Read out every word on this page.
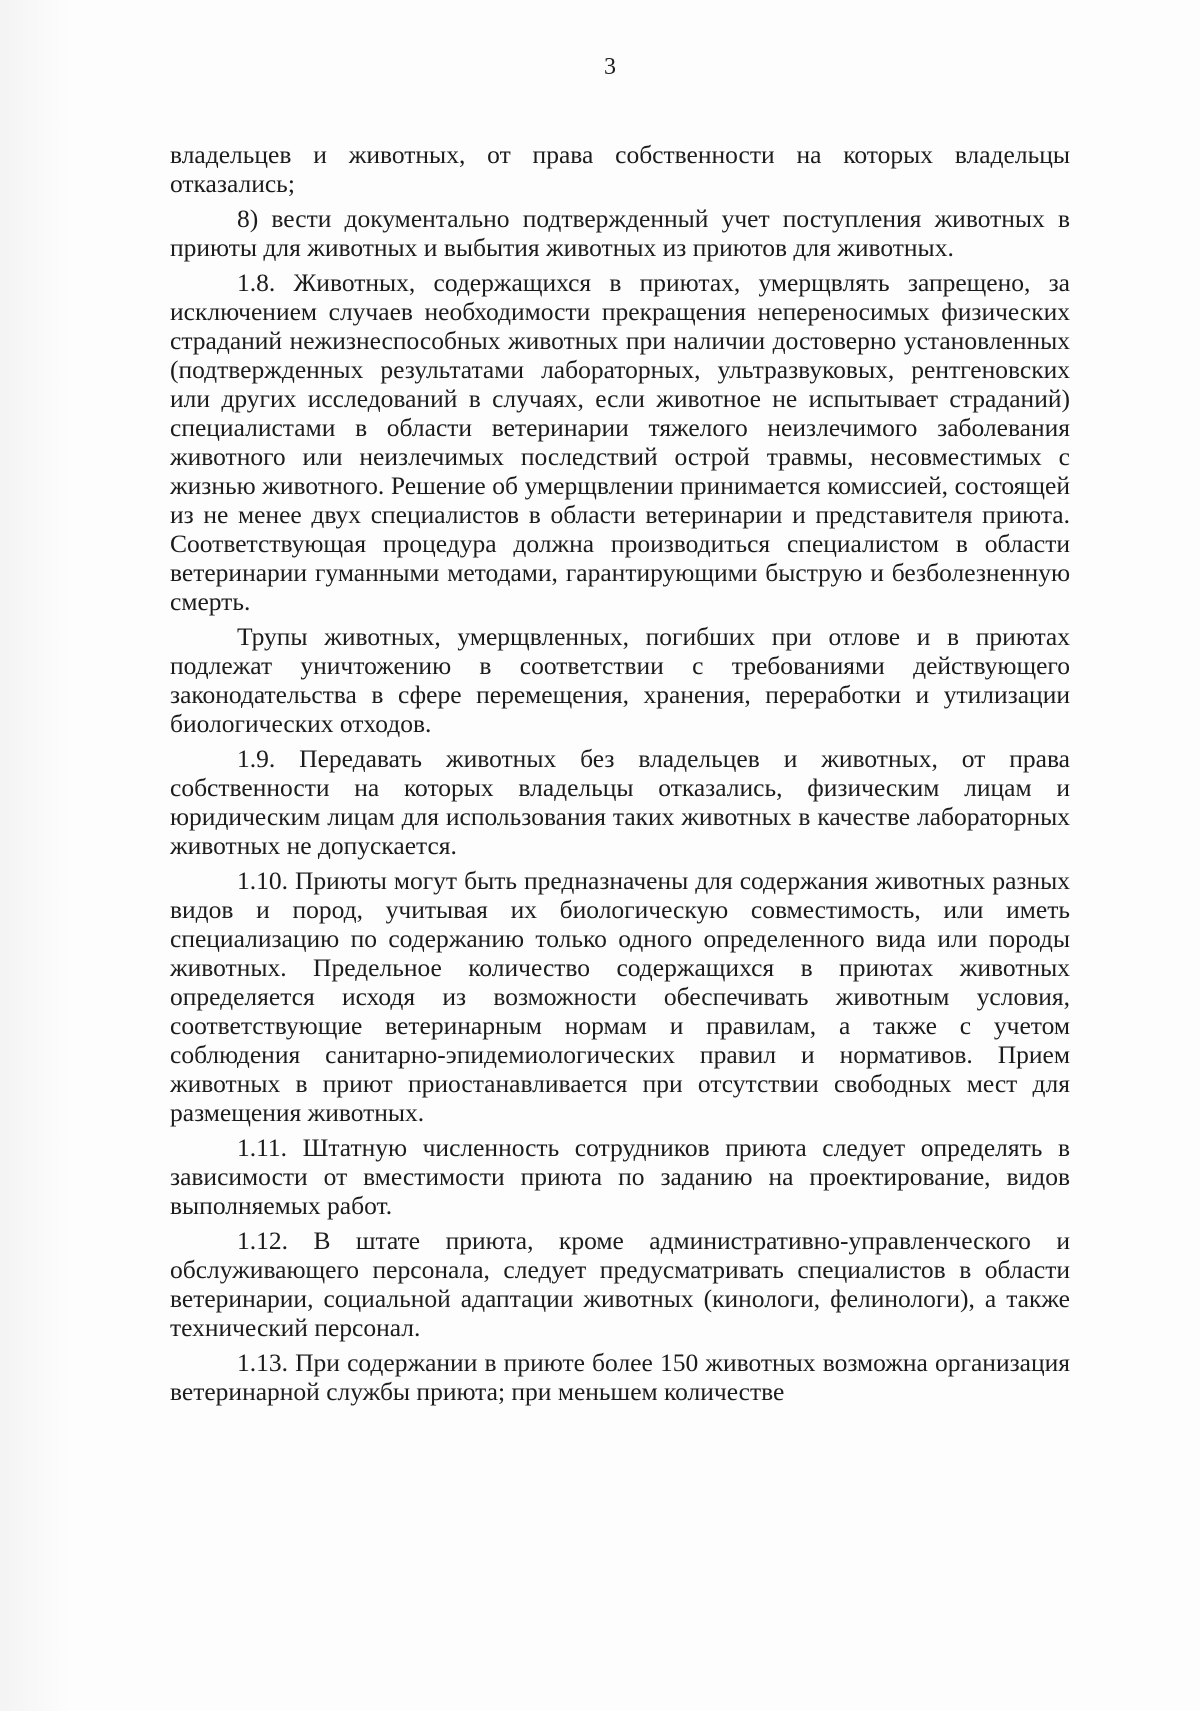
3

владельцев и животных, от права собственности на которых владельцы отказались;

8) вести документально подтвержденный учет поступления животных в приюты для животных и выбытия животных из приютов для животных.

1.8. Животных, содержащихся в приютах, умерщвлять запрещено, за исключением случаев необходимости прекращения непереносимых физических страданий нежизнеспособных животных при наличии достоверно установленных (подтвержденных результатами лабораторных, ультразвуковых, рентгеновских или других исследований в случаях, если животное не испытывает страданий) специалистами в области ветеринарии тяжелого неизлечимого заболевания животного или неизлечимых последствий острой травмы, несовместимых с жизнью животного. Решение об умерщвлении принимается комиссией, состоящей из не менее двух специалистов в области ветеринарии и представителя приюта. Соответствующая процедура должна производиться специалистом в области ветеринарии гуманными методами, гарантирующими быструю и безболезненную смерть.

Трупы животных, умерщвленных, погибших при отлове и в приютах подлежат уничтожению в соответствии с требованиями действующего законодательства в сфере перемещения, хранения, переработки и утилизации биологических отходов.

1.9. Передавать животных без владельцев и животных, от права собственности на которых владельцы отказались, физическим лицам и юридическим лицам для использования таких животных в качестве лабораторных животных не допускается.

1.10. Приюты могут быть предназначены для содержания животных разных видов и пород, учитывая их биологическую совместимость, или иметь специализацию по содержанию только одного определенного вида или породы животных. Предельное количество содержащихся в приютах животных определяется исходя из возможности обеспечивать животным условия, соответствующие ветеринарным нормам и правилам, а также с учетом соблюдения санитарно-эпидемиологических правил и нормативов. Прием животных в приют приостанавливается при отсутствии свободных мест для размещения животных.

1.11. Штатную численность сотрудников приюта следует определять в зависимости от вместимости приюта по заданию на проектирование, видов выполняемых работ.

1.12. В штате приюта, кроме административно-управленческого и обслуживающего персонала, следует предусматривать специалистов в области ветеринарии, социальной адаптации животных (кинологи, фелинологи), а также технический персонал.

1.13. При содержании в приюте более 150 животных возможна организация ветеринарной службы приюта; при меньшем количестве
